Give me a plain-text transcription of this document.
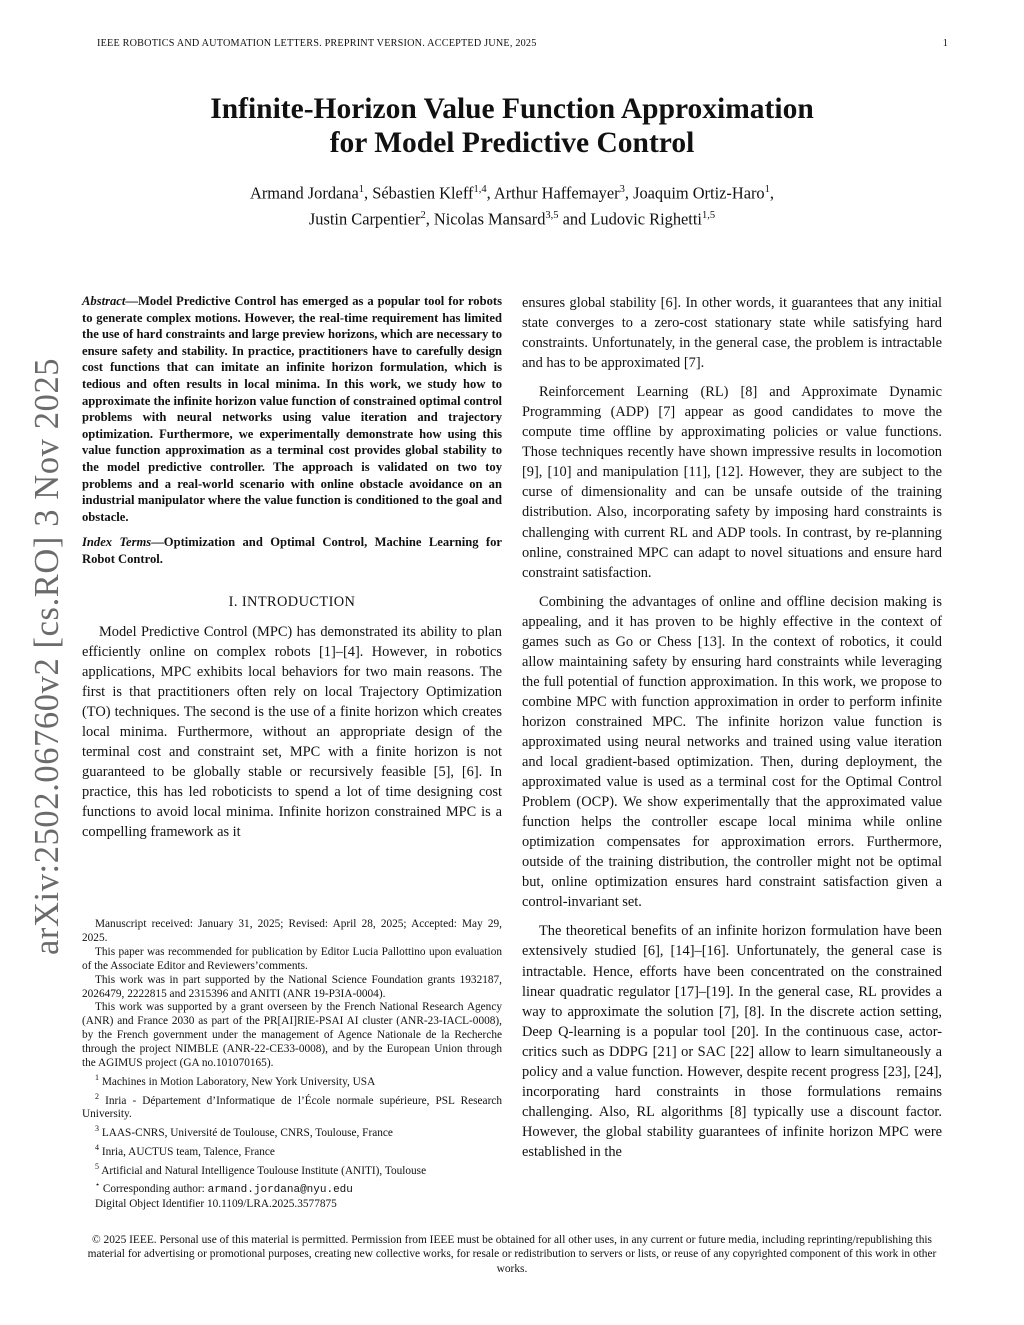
IEEE ROBOTICS AND AUTOMATION LETTERS. PREPRINT VERSION. ACCEPTED JUNE, 2025	1
arXiv:2502.06760v2 [cs.RO] 3 Nov 2025
Infinite-Horizon Value Function Approximation
for Model Predictive Control
Armand Jordana$^1$, Sébastien Kleff$^{1,4}$, Arthur Haffemayer$^3$, Joaquim Ortiz-Haro$^1$,
Justin Carpentier$^2$, Nicolas Mansard$^{3,5}$ and Ludovic Righetti$^{1,5}$

Abstract—Model Predictive Control has emerged as a popular tool for robots to generate complex motions. However, the real-time requirement has limited the use of hard constraints and large preview horizons, which are necessary to ensure safety and stability. In practice, practitioners have to carefully design cost functions that can imitate an infinite horizon formulation, which is tedious and often results in local minima. In this work, we study how to approximate the infinite horizon value function of constrained optimal control problems with neural networks using value iteration and trajectory optimization. Furthermore, we experimentally demonstrate how using this value function approximation as a terminal cost provides global stability to the model predictive controller. The approach is validated on two toy problems and a real-world scenario with online obstacle avoidance on an industrial manipulator where the value function is conditioned to the goal and obstacle.

Index Terms—Optimization and Optimal Control, Machine Learning for Robot Control.

I. INTRODUCTION

Model Predictive Control (MPC) has demonstrated its ability to plan efficiently online on complex robots [1]–[4]. However, in robotics applications, MPC exhibits local behaviors for two main reasons. The first is that practitioners often rely on local Trajectory Optimization (TO) techniques. The second is the use of a finite horizon which creates local minima. Furthermore, without an appropriate design of the terminal cost and constraint set, MPC with a finite horizon is not guaranteed to be globally stable or recursively feasible [5], [6]. In practice, this has led roboticists to spend a lot of time designing cost functions to avoid local minima. Infinite horizon constrained MPC is a compelling framework as it

Manuscript received: January 31, 2025; Revised: April 28, 2025; Accepted: May 29, 2025.

This paper was recommended for publication by Editor Lucia Pallottino upon evaluation of the Associate Editor and Reviewers’comments.

This work was in part supported by the National Science Foundation grants 1932187, 2026479, 2222815 and 2315396 and ANITI (ANR 19-P3IA-0004).

This work was supported by a grant overseen by the French National Research Agency (ANR) and France 2030 as part of the PR[AI]RIE-PSAI AI cluster (ANR-23-IACL-0008), by the French government under the management of Agence Nationale de la Recherche through the project NIMBLE (ANR-22-CE33-0008), and by the European Union through the AGIMUS project (GA no.101070165).

$^1$ Machines in Motion Laboratory, New York University, USA

$^2$ Inria - Département d’Informatique de l’École normale supérieure, PSL Research University.

$^3$ LAAS-CNRS, Université de Toulouse, CNRS, Toulouse, France

$^4$ Inria, AUCTUS team, Talence, France

$^5$ Artificial and Natural Intelligence Toulouse Institute (ANITI), Toulouse

⋆ Corresponding author: armand.jordana@nyu.edu

Digital Object Identifier 10.1109/LRA.2025.3577875

ensures global stability [6]. In other words, it guarantees that any initial state converges to a zero-cost stationary state while satisfying hard constraints. Unfortunately, in the general case, the problem is intractable and has to be approximated [7].

Reinforcement Learning (RL) [8] and Approximate Dynamic Programming (ADP) [7] appear as good candidates to move the compute time offline by approximating policies or value functions. Those techniques recently have shown impressive results in locomotion [9], [10] and manipulation [11], [12]. However, they are subject to the curse of dimensionality and can be unsafe outside of the training distribution. Also, incorporating safety by imposing hard constraints is challenging with current RL and ADP tools. In contrast, by re-planning online, constrained MPC can adapt to novel situations and ensure hard constraint satisfaction.

Combining the advantages of online and offline decision making is appealing, and it has proven to be highly effective in the context of games such as Go or Chess [13]. In the context of robotics, it could allow maintaining safety by ensuring hard constraints while leveraging the full potential of function approximation. In this work, we propose to combine MPC with function approximation in order to perform infinite horizon constrained MPC. The infinite horizon value function is approximated using neural networks and trained using value iteration and local gradient-based optimization. Then, during deployment, the approximated value is used as a terminal cost for the Optimal Control Problem (OCP). We show experimentally that the approximated value function helps the controller escape local minima while online optimization compensates for approximation errors. Furthermore, outside of the training distribution, the controller might not be optimal but, online optimization ensures hard constraint satisfaction given a control-invariant set.

The theoretical benefits of an infinite horizon formulation have been extensively studied [6], [14]–[16]. Unfortunately, the general case is intractable. Hence, efforts have been concentrated on the constrained linear quadratic regulator [17]–[19]. In the general case, RL provides a way to approximate the solution [7], [8]. In the discrete action setting, Deep Q-learning is a popular tool [20]. In the continuous case, actor-critics such as DDPG [21] or SAC [22] allow to learn simultaneously a policy and a value function. However, despite recent progress [23], [24], incorporating hard constraints in those formulations remains challenging. Also, RL algorithms [8] typically use a discount factor. However, the global stability guarantees of infinite horizon MPC were established in the

© 2025 IEEE. Personal use of this material is permitted. Permission from IEEE must be obtained for all other uses, in any current or future media, including reprinting/republishing this material for advertising or promotional purposes, creating new collective works, for resale or redistribution to servers or lists, or reuse of any copyrighted component of this work in other works.
